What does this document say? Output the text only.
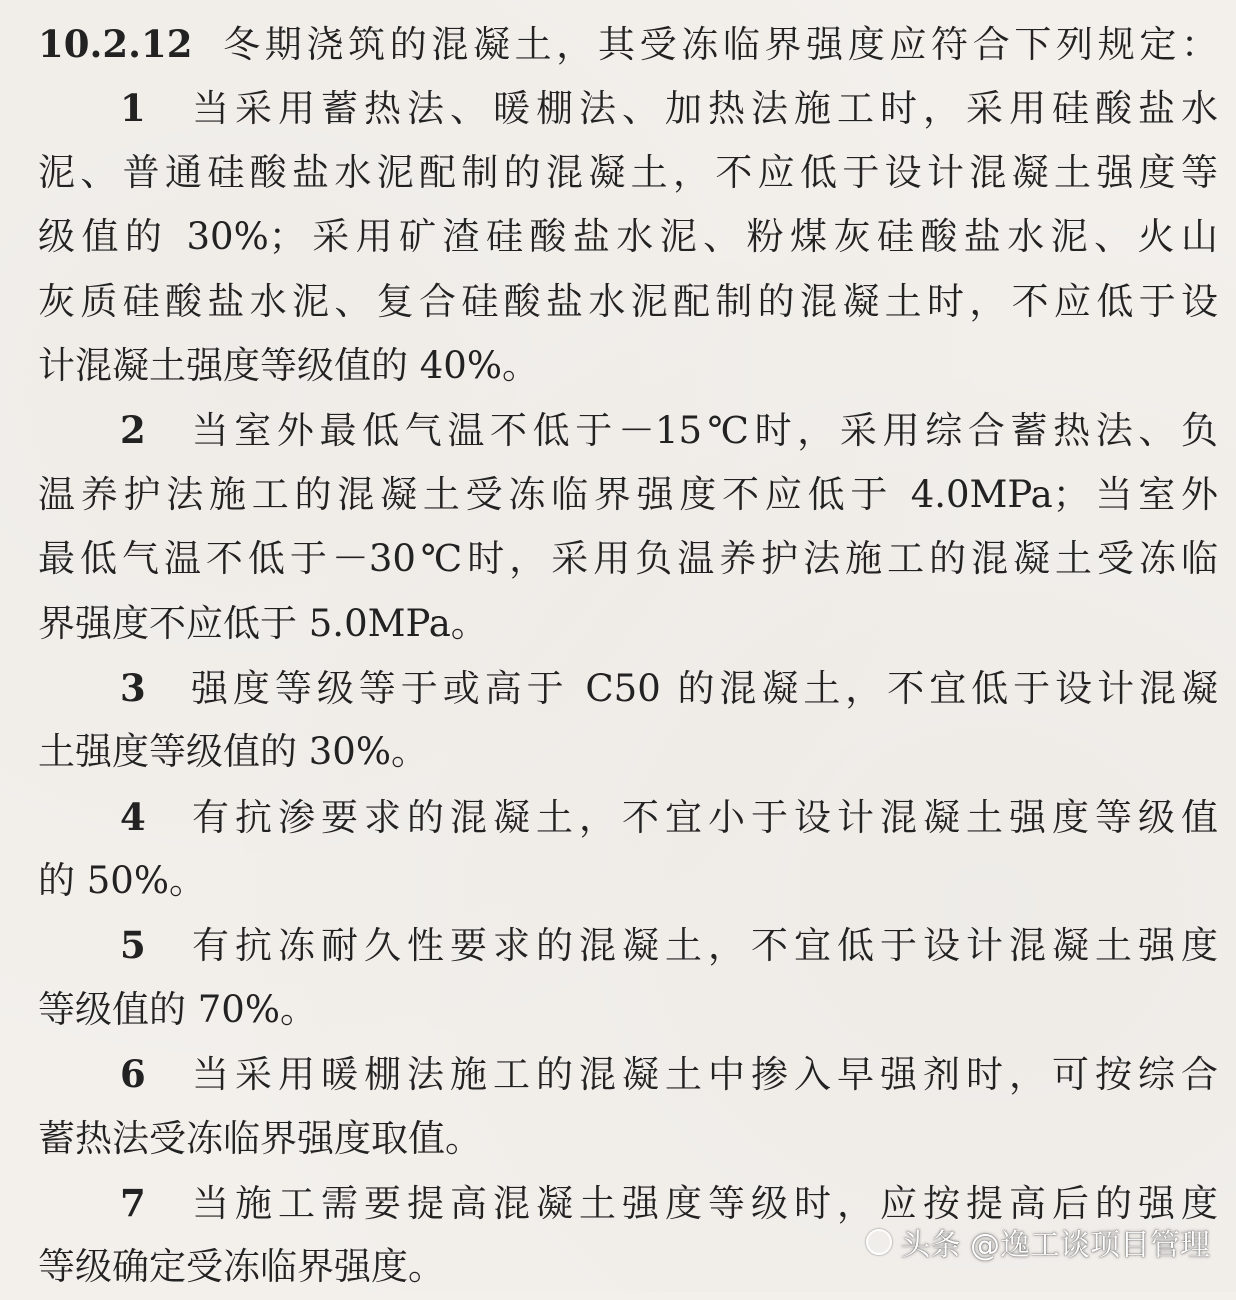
10.2.12 冬期浇筑的混凝土，其受冻临界强度应符合下列规定：
1 当采用蓄热法、暖棚法、加热法施工时，采用硅酸盐水
泥、普通硅酸盐水泥配制的混凝土，不应低于设计混凝土强度等
级值的 30%；采用矿渣硅酸盐水泥、粉煤灰硅酸盐水泥、火山
灰质硅酸盐水泥、复合硅酸盐水泥配制的混凝土时，不应低于设
计混凝土强度等级值的 40%。
2 当室外最低气温不低于－15℃时，采用综合蓄热法、负
温养护法施工的混凝土受冻临界强度不应低于 4.0MPa；当室外
最低气温不低于－30℃时，采用负温养护法施工的混凝土受冻临
界强度不应低于 5.0MPa。
3 强度等级等于或高于 C50 的混凝土，不宜低于设计混凝
土强度等级值的 30%。
4 有抗渗要求的混凝土，不宜小于设计混凝土强度等级值
的 50%。
5 有抗冻耐久性要求的混凝土，不宜低于设计混凝土强度
等级值的 70%。
6 当采用暖棚法施工的混凝土中掺入早强剂时，可按综合
蓄热法受冻临界强度取值。
7 当施工需要提高混凝土强度等级时，应按提高后的强度
等级确定受冻临界强度。	头条 @逸工谈项目管理
